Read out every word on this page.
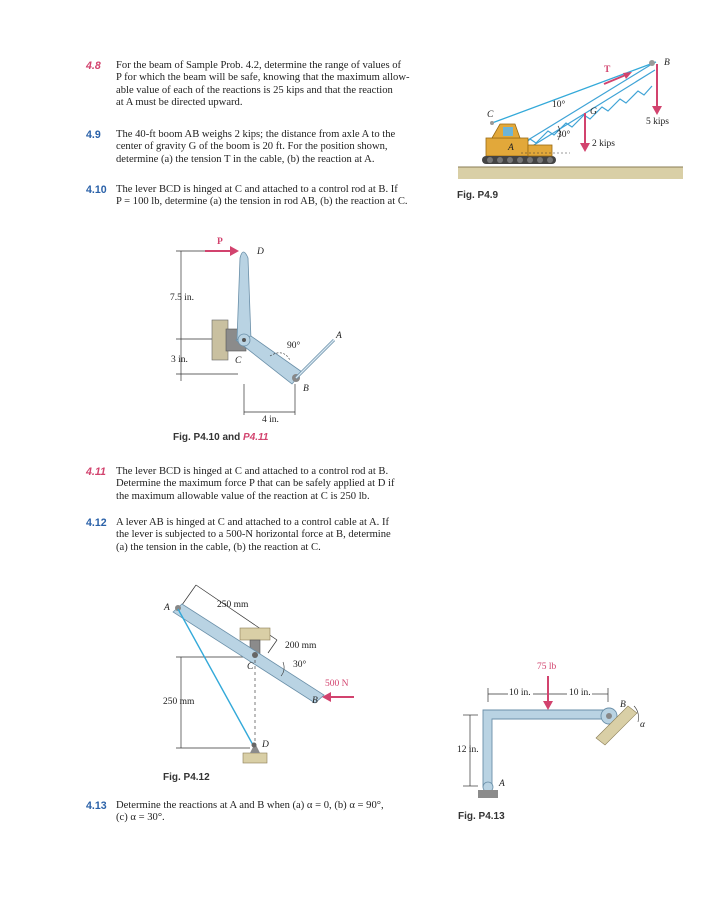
4.8 For the beam of Sample Prob. 4.2, determine the range of values of
P for which the beam will be safe, knowing that the maximum allow-
able value of each of the reactions is 25 kips and that the reaction
at A must be directed upward.
4.9 The 40-ft boom AB weighs 2 kips; the distance from axle A to the
center of gravity G of the boom is 20 ft. For the position shown,
determine (a) the tension T in the cable, (b) the reaction at A.
4.10 The lever BCD is hinged at C and attached to a control rod at B. If
P = 100 lb, determine (a) the tension in rod AB, (b) the reaction at C.
4.11 The lever BCD is hinged at C and attached to a control rod at B.
Determine the maximum force P that can be safely applied at D if
the maximum allowable value of the reaction at C is 250 lb.
4.12 A lever AB is hinged at C and attached to a control cable at A. If
the lever is subjected to a 500-N horizontal force at B, determine
(a) the tension in the cable, (b) the reaction at C.
4.13 Determine the reactions at A and B when (a) α = 0, (b) α = 90°,
(c) α = 30°.
T
B
C
A
G
10°
30°
5 kips
2 kips
Fig. P4.9
P
D
A
B
C
7.5 in.
3 in.
4 in.
90°
Fig. P4.10 and P4.11
A
B
C
D
250 mm
200 mm
30°
500 N
250 mm
Fig. P4.12
75 lb
10 in.	10 in.
12 in.
A
B
α
Fig. P4.13
